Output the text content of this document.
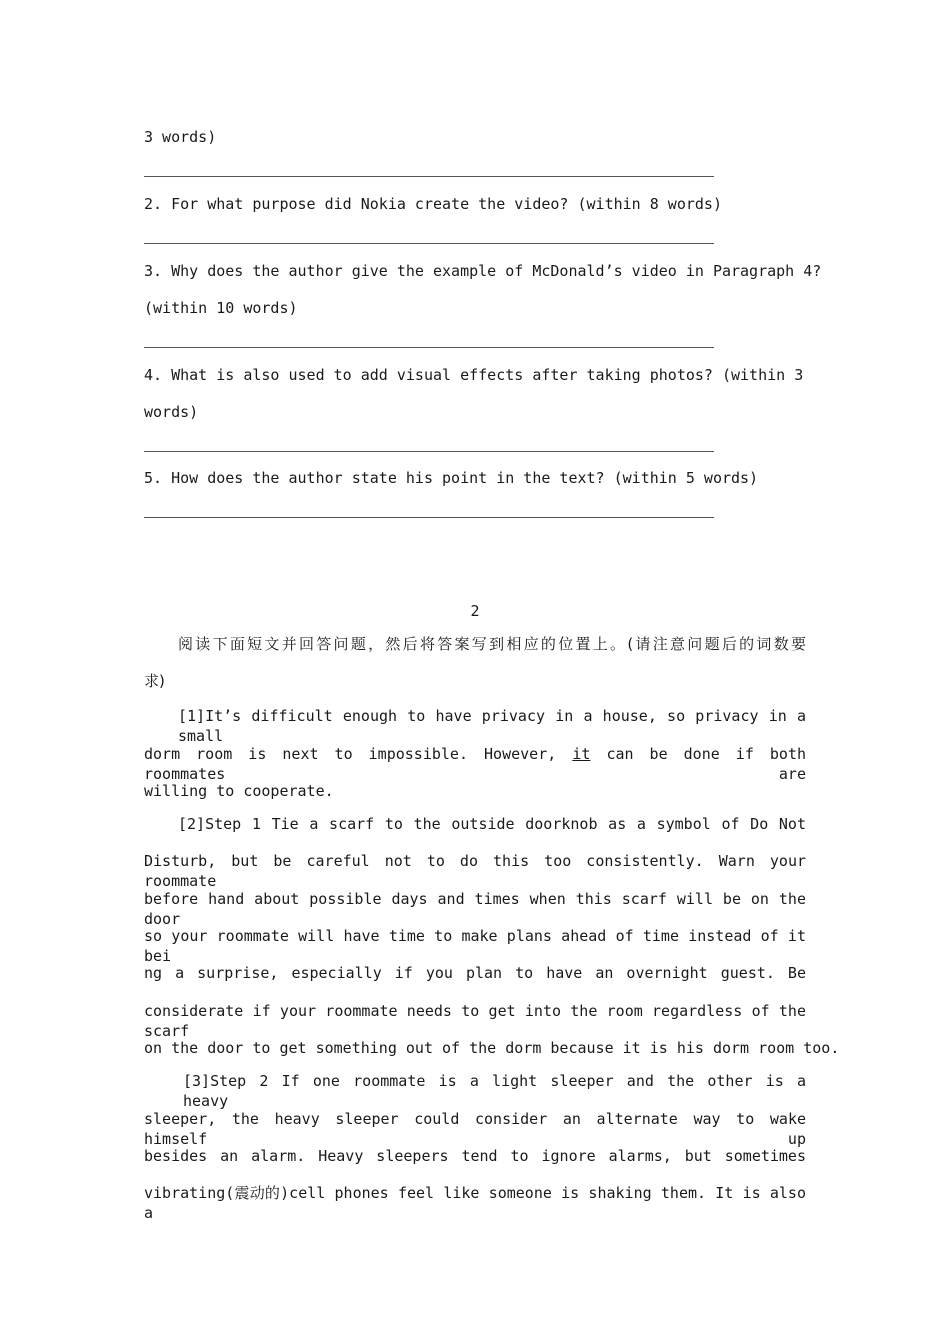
3 words)
2. For what purpose did Nokia create the video? (within 8 words)
3. Why does the author give the example of McDonald’s video in Paragraph 4?
(within 10 words)
4. What is also used to add visual effects after taking photos? (within 3
words)
5. How does the author state his point in the text? (within 5 words)
2
阅读下面短文并回答问题，然后将答案写到相应的位置上。(请注意问题后的词数要
求)
[1]It’s difficult enough to have privacy in a house, so privacy in a small
dorm room is next to impossible. However, it can be done if both roommates are
willing to cooperate.
[2]Step 1 Tie a scarf to the outside doorknob as a symbol of Do Not
Disturb, but be careful not to do this too consistently. Warn your roommate
before hand about possible days and times when this scarf will be on the door
so your roommate will have time to make plans ahead of time instead of it bei
ng a surprise, especially if you plan to have an overnight guest. Be
considerate if your roommate needs to get into the room regardless of the scarf
on the door to get something out of the dorm because it is his dorm room too.
[3]Step 2 If one roommate is a light sleeper and the other is a heavy
sleeper, the heavy sleeper could consider an alternate way to wake himself up
besides an alarm. Heavy sleepers tend to ignore alarms, but sometimes
vibrating(震动的)cell phones feel like someone is shaking them. It is also a
